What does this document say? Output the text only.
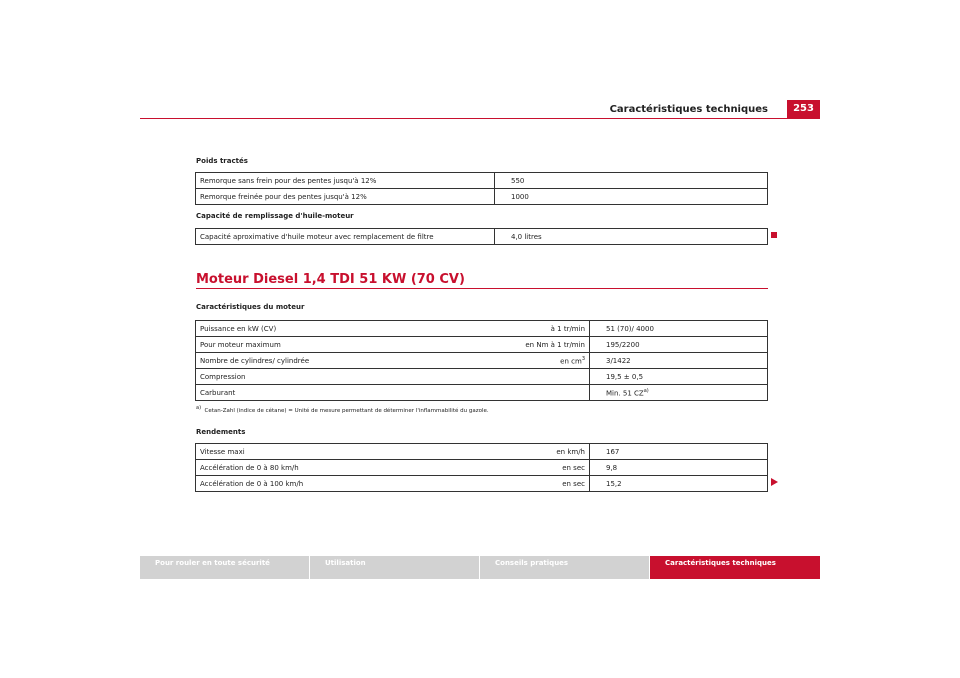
Caractéristiques techniques	253
Poids tractés
Remorque sans frein pour des pentes jusqu'à 12%	550
Remorque freinée pour des pentes jusqu'à 12%	1000
Capacité de remplissage d'huile-moteur
Capacité aproximative d'huile moteur avec remplacement de filtre	4,0 litres
Moteur Diesel 1,4 TDI 51 KW (70 CV)
Caractéristiques du moteur
Puissance en kW (CV)	à 1 tr/min	51 (70)/ 4000
Pour moteur maximum	en Nm à 1 tr/min	195/2200
Nombre de cylindres/ cylindrée	en $cm^3$	3/1422
Compression		19,5 ± 0,5
Carburant		Min. 51 CZ$^{a)}$
$^{a)}$ Cetan-Zahl (indice de cétane) = Unité de mesure permettant de déterminer l'inflammabilité du gazole.
Rendements
Vitesse maxi	en km/h	167
Accélération de 0 à 80 km/h	en sec	9,8
Accélération de 0 à 100 km/h	en sec	15,2
Pour rouler en toute sécurité	Utilisation	Conseils pratiques	Caractéristiques techniques
